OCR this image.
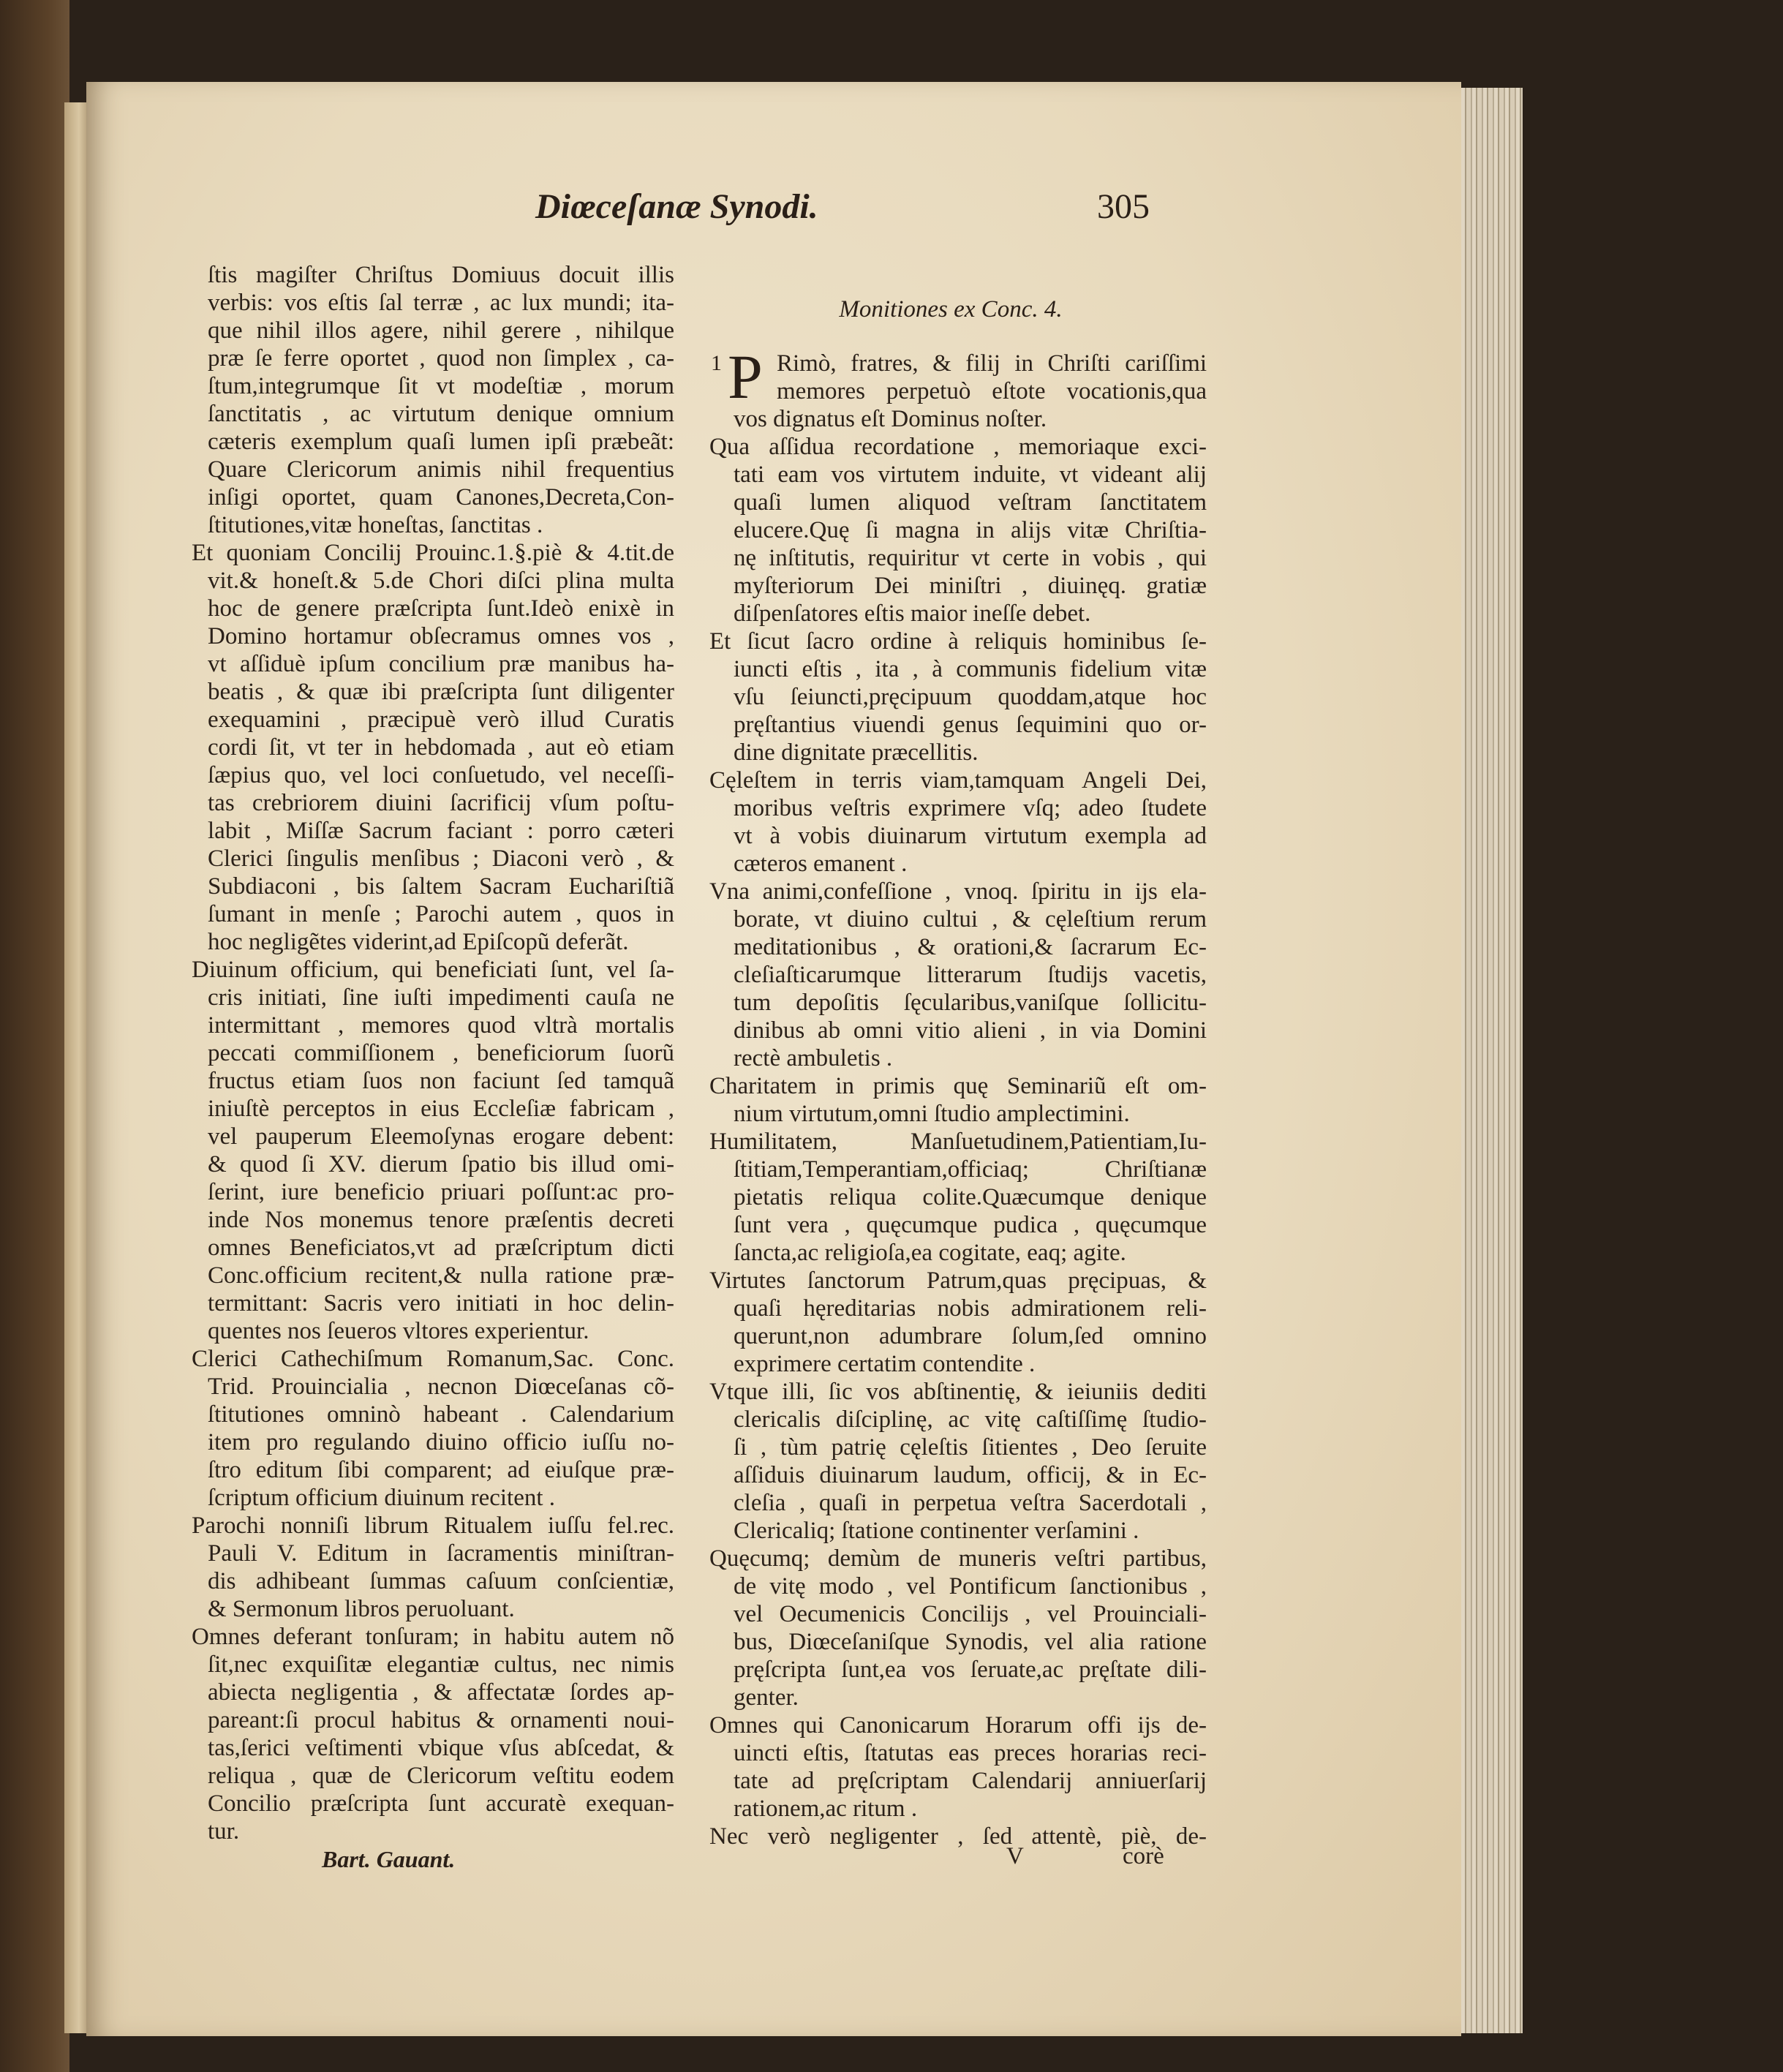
Diœceſanæ Synodi.	305
ſtis magiſter Chriſtus Domiuus docuit illis
verbis: vos eſtis ſal terræ , ac lux mundi; ita-
que nihil illos agere, nihil gerere , nihilque
præ ſe ferre oportet , quod non ſimplex , ca-
ſtum,integrumque ſit vt modeſtiæ , morum
ſanctitatis , ac virtutum denique omnium
cæteris exemplum quaſi lumen ipſi præbeãt:
Quare Clericorum animis nihil frequentius
inſigi oportet, quam Canones,Decreta,Con-
ſtitutiones,vitæ honeſtas, ſanctitas .
Et quoniam Concilij Prouinc.1.§.piè & 4.tit.de
vit.& honeſt.& 5.de Chori diſci plina multa
hoc de genere præſcripta ſunt.Ideò enixè in
Domino hortamur obſecramus omnes vos ,
vt aſſiduè ipſum concilium præ manibus ha-
beatis , & quæ ibi præſcripta ſunt diligenter
exequamini , præcipuè verò illud Curatis
cordi ſit, vt ter in hebdomada , aut eò etiam
ſæpius quo, vel loci conſuetudo, vel neceſſi-
tas crebriorem diuini ſacrificij vſum poſtu-
labit , Miſſæ Sacrum faciant : porro cæteri
Clerici ſingulis menſibus ; Diaconi verò , &
Subdiaconi , bis ſaltem Sacram Euchariſtiã
ſumant in menſe ; Parochi autem , quos in
hoc negligẽtes viderint,ad Epiſcopũ deferãt.
Diuinum officium, qui beneficiati ſunt, vel ſa-
cris initiati, ſine iuſti impedimenti cauſa ne
intermittant , memores quod vltrà mortalis
peccati commiſſionem , beneficiorum ſuorũ
fructus etiam ſuos non faciunt ſed tamquã
iniuſtè perceptos in eius Eccleſiæ fabricam ,
vel pauperum Eleemoſynas erogare debent:
& quod ſi XV. dierum ſpatio bis illud omi-
ſerint, iure beneficio priuari poſſunt:ac pro-
inde Nos monemus tenore præſentis decreti
omnes Beneficiatos,vt ad præſcriptum dicti
Conc.officium recitent,& nulla ratione præ-
termittant: Sacris vero initiati in hoc delin-
quentes nos ſeueros vltores experientur.
Clerici Cathechiſmum Romanum,Sac. Conc.
Trid. Prouincialia , necnon Diœceſanas cõ-
ſtitutiones omninò habeant . Calendarium
item pro regulando diuino officio iuſſu no-
ſtro editum ſibi comparent; ad eiuſque præ-
ſcriptum officium diuinum recitent .
Parochi nonniſi librum Ritualem iuſſu fel.rec.
Pauli V. Editum in ſacramentis miniſtran-
dis adhibeant ſummas caſuum conſcientiæ,
& Sermonum libros peruoluant.
Omnes deferant tonſuram; in habitu autem nõ
ſit,nec exquiſitæ elegantiæ cultus, nec nimis
abiecta negligentia , & affectatæ ſordes ap-
pareant:ſi procul habitus & ornamenti noui-
tas,ſerici veſtimenti vbique vſus abſcedat, &
reliqua , quæ de Clericorum veſtitu eodem
Concilio præſcripta ſunt accuratè exequan-
tur.
Bart. Gauant.
Monitiones ex Conc. 4.
1 P Rimò, fratres, & filij in Chriſti cariſſimi
memores perpetuò eſtote vocationis,qua
vos dignatus eſt Dominus noſter.
Qua aſſidua recordatione , memoriaque exci-
tati eam vos virtutem induite, vt videant alij
quaſi lumen aliquod veſtram ſanctitatem
elucere.Quę ſi magna in alijs vitæ Chriſtia-
nę inſtitutis, requiritur vt certe in vobis , qui
myſteriorum Dei miniſtri , diuinęq. gratiæ
diſpenſatores eſtis maior ineſſe debet.
Et ſicut ſacro ordine à reliquis hominibus ſe-
iuncti eſtis , ita , à communis fidelium vitæ
vſu ſeiuncti,pręcipuum quoddam,atque hoc
pręſtantius viuendi genus ſequimini quo or-
dine dignitate præcellitis.
Cęleſtem in terris viam,tamquam Angeli Dei,
moribus veſtris exprimere vſq; adeo ſtudete
vt à vobis diuinarum virtutum exempla ad
cæteros emanent .
Vna animi,confeſſione , vnoq. ſpiritu in ijs ela-
borate, vt diuino cultui , & cęleſtium rerum
meditationibus , & orationi,& ſacrarum Ec-
cleſiaſticarumque litterarum ſtudijs vacetis,
tum depoſitis ſęcularibus,vaniſque ſollicitu-
dinibus ab omni vitio alieni , in via Domini
rectè ambuletis .
Charitatem in primis quę Seminariũ eſt om-
nium virtutum,omni ſtudio amplectimini.
Humilitatem, Manſuetudinem,Patientiam,Iu-
ſtitiam,Temperantiam,officiaq; Chriſtianæ
pietatis reliqua colite.Quæcumque denique
ſunt vera , quęcumque pudica , quęcumque
ſancta,ac religioſa,ea cogitate, eaq; agite.
Virtutes ſanctorum Patrum,quas pręcipuas, &
quaſi hęreditarias nobis admirationem reli-
querunt,non adumbrare ſolum,ſed omnino
exprimere certatim contendite .
Vtque illi, ſic vos abſtinentię, & ieiuniis dediti
clericalis diſciplinę, ac vitę caſtiſſimę ſtudio-
ſi , tùm patrię cęleſtis ſitientes , Deo ſeruite
aſſiduis diuinarum laudum, officij, & in Ec-
cleſia , quaſi in perpetua veſtra Sacerdotali ,
Clericaliq; ſtatione continenter verſamini .
Quęcumq; demùm de muneris veſtri partibus,
de vitę modo , vel Pontificum ſanctionibus ,
vel Oecumenicis Concilijs , vel Prouinciali-
bus, Diœceſaniſque Synodis, vel alia ratione
pręſcripta ſunt,ea vos ſeruate,ac pręſtate dili-
genter.
Omnes qui Canonicarum Horarum offi ijs de-
uincti eſtis, ſtatutas eas preces horarias reci-
tate ad pręſcriptam Calendarij anniuerſarij
rationem,ac ritum .
Nec verò negligenter , ſed attentè, piè, de-
V	corè
